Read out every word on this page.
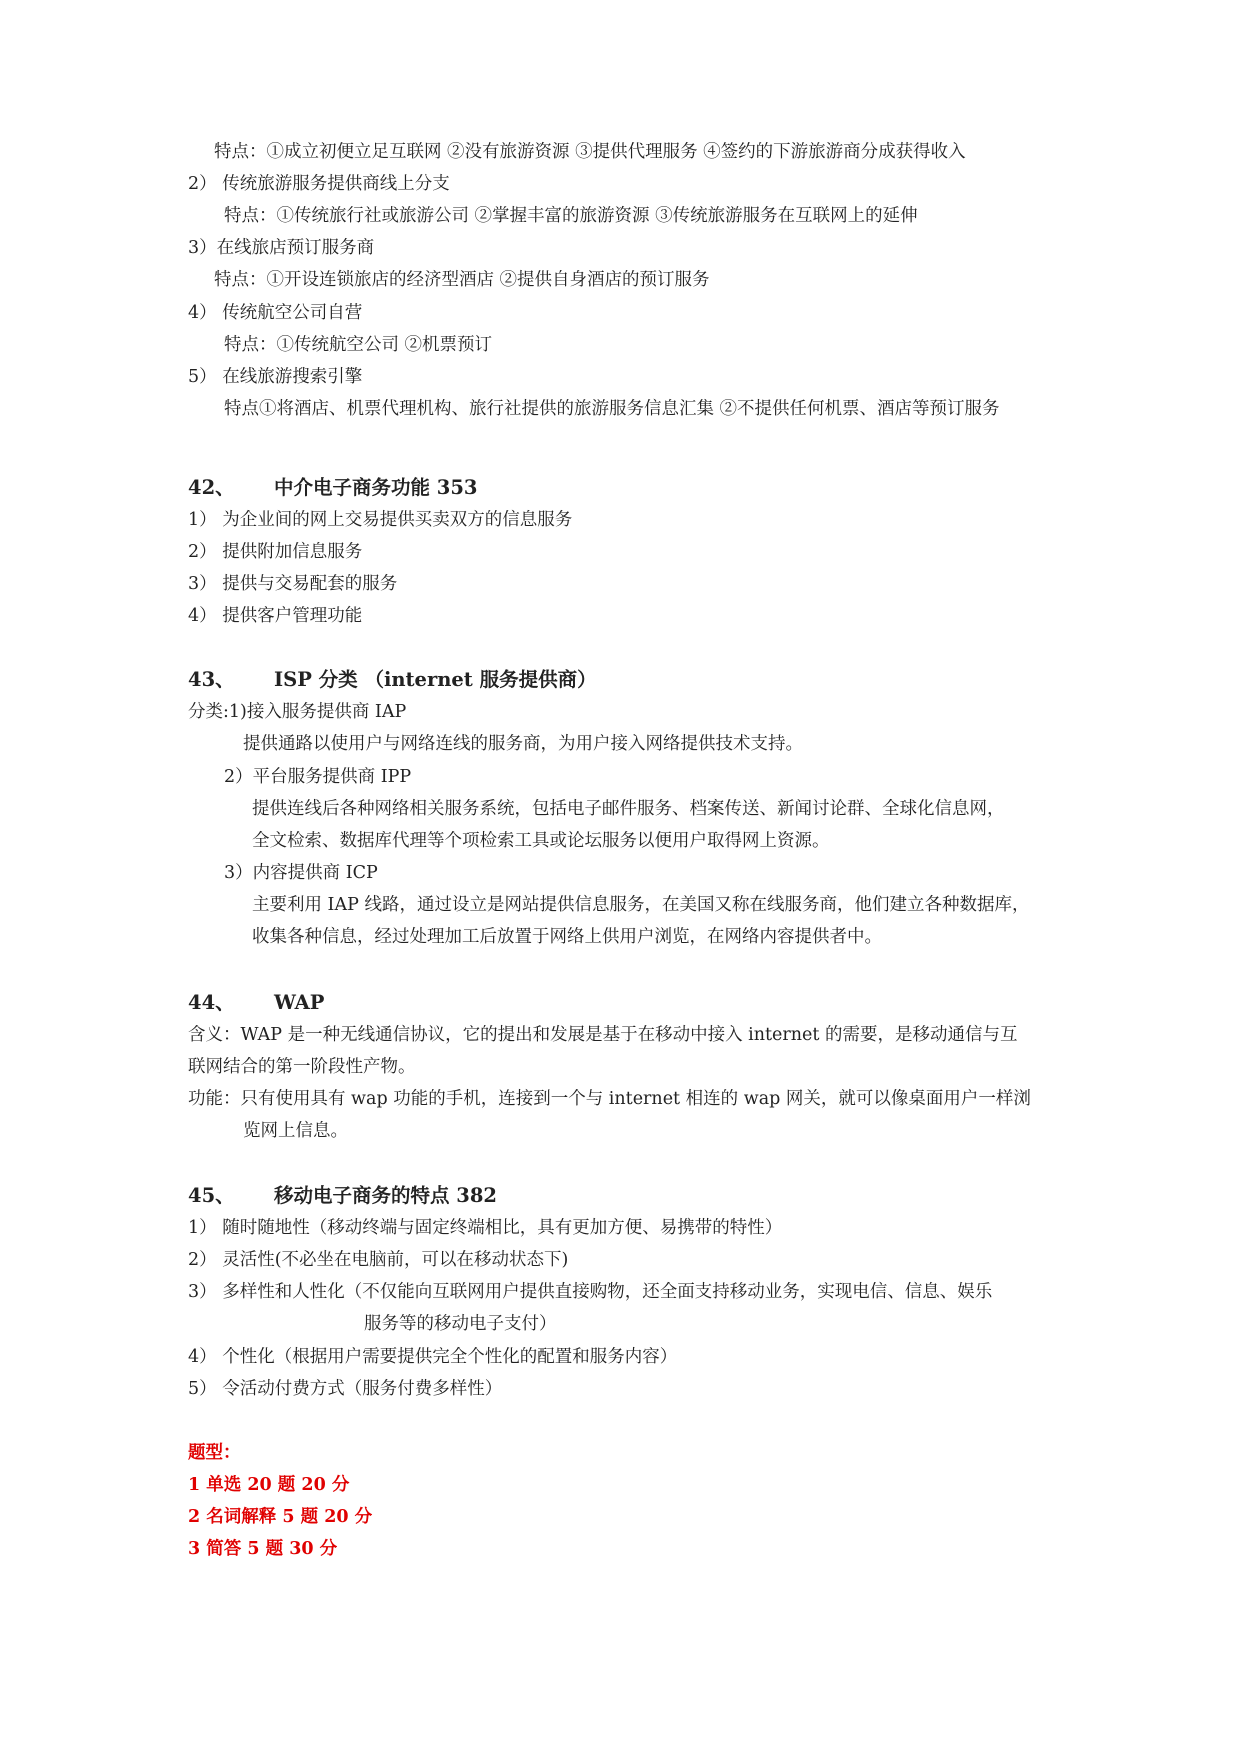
特点：①成立初便立足互联网 ②没有旅游资源 ③提供代理服务 ④签约的下游旅游商分成获得收入
2） 传统旅游服务提供商线上分支
特点：①传统旅行社或旅游公司 ②掌握丰富的旅游资源 ③传统旅游服务在互联网上的延伸
3）在线旅店预订服务商
特点：①开设连锁旅店的经济型酒店 ②提供自身酒店的预订服务
4） 传统航空公司自营
特点：①传统航空公司 ②机票预订
5） 在线旅游搜索引擎
特点①将酒店、机票代理机构、旅行社提供的旅游服务信息汇集 ②不提供任何机票、酒店等预订服务
42、 中介电子商务功能 353
1） 为企业间的网上交易提供买卖双方的信息服务
2） 提供附加信息服务
3） 提供与交易配套的服务
4） 提供客户管理功能
43、 ISP 分类 （internet 服务提供商）
分类:1)接入服务提供商 IAP
提供通路以使用户与网络连线的服务商，为用户接入网络提供技术支持。
2）平台服务提供商 IPP
提供连线后各种网络相关服务系统，包括电子邮件服务、档案传送、新闻讨论群、全球化信息网，
全文检索、数据库代理等个项检索工具或论坛服务以便用户取得网上资源。
3）内容提供商 ICP
主要利用 IAP 线路，通过设立是网站提供信息服务，在美国又称在线服务商，他们建立各种数据库，
收集各种信息，经过处理加工后放置于网络上供用户浏览，在网络内容提供者中。
44、 WAP
含义：WAP 是一种无线通信协议，它的提出和发展是基于在移动中接入 internet 的需要，是移动通信与互
联网结合的第一阶段性产物。
功能：只有使用具有 wap 功能的手机，连接到一个与 internet 相连的 wap 网关，就可以像桌面用户一样浏
览网上信息。
45、 移动电子商务的特点 382
1） 随时随地性（移动终端与固定终端相比，具有更加方便、易携带的特性）
2） 灵活性(不必坐在电脑前，可以在移动状态下)
3） 多样性和人性化（不仅能向互联网用户提供直接购物，还全面支持移动业务，实现电信、信息、娱乐
服务等的移动电子支付）
4） 个性化（根据用户需要提供完全个性化的配置和服务内容）
5） 令活动付费方式（服务付费多样性）
题型：
1 单选 20 题 20 分
2 名词解释 5 题 20 分
3 简答 5 题 30 分
